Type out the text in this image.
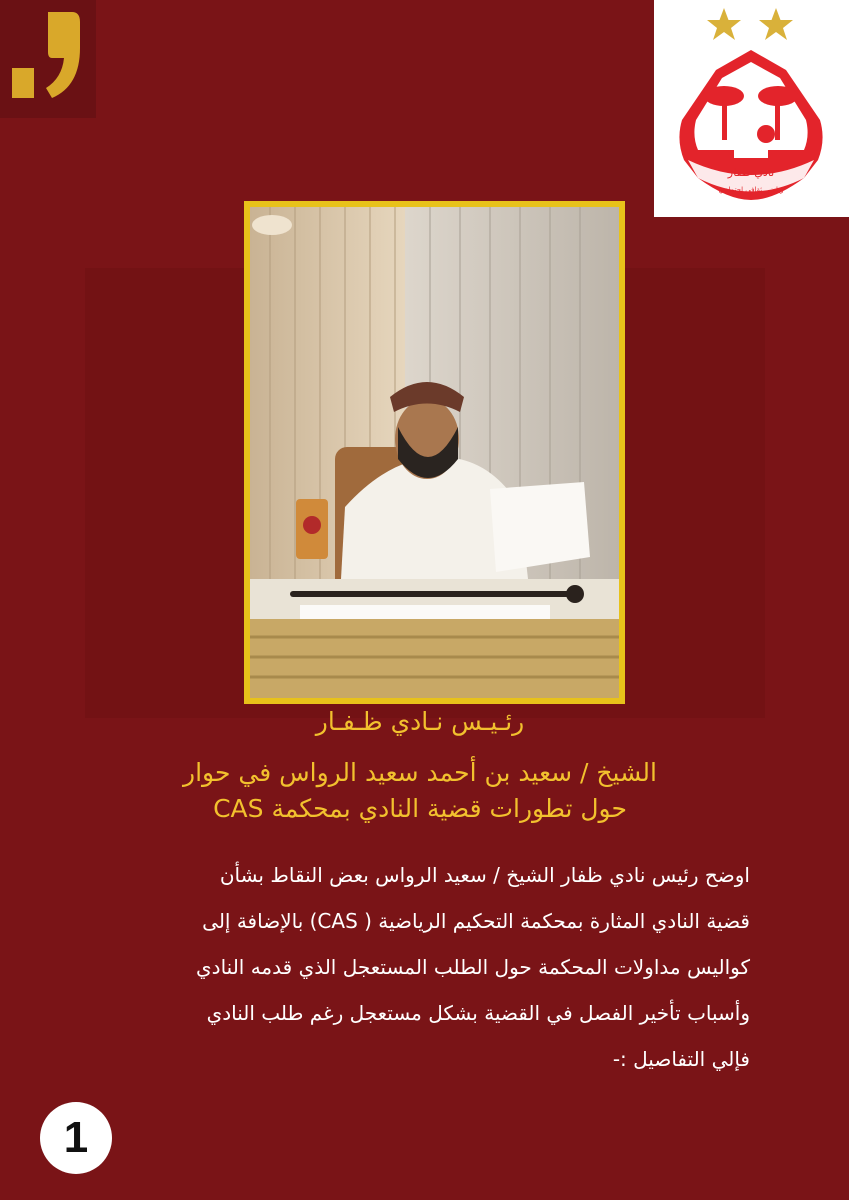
نادي ظفار
رياضي ثقافي اجتماعي
رئـيـس نـادي ظـفـار
الشيخ / سعيد بن أحمد سعيد الرواس في حوار
حول تطورات قضية النادي بمحكمة CAS
اوضح رئيس نادي ظفار الشيخ / سعيد الرواس بعض النقاط بشأن
قضية النادي المثارة بمحكمة التحكيم الرياضية ( CAS) بالإضافة إلى
كواليس مداولات المحكمة حول الطلب المستعجل الذي قدمه النادي
وأسباب تأخير الفصل في القضية بشكل مستعجل رغم طلب النادي
فإلي التفاصيل :-
1
